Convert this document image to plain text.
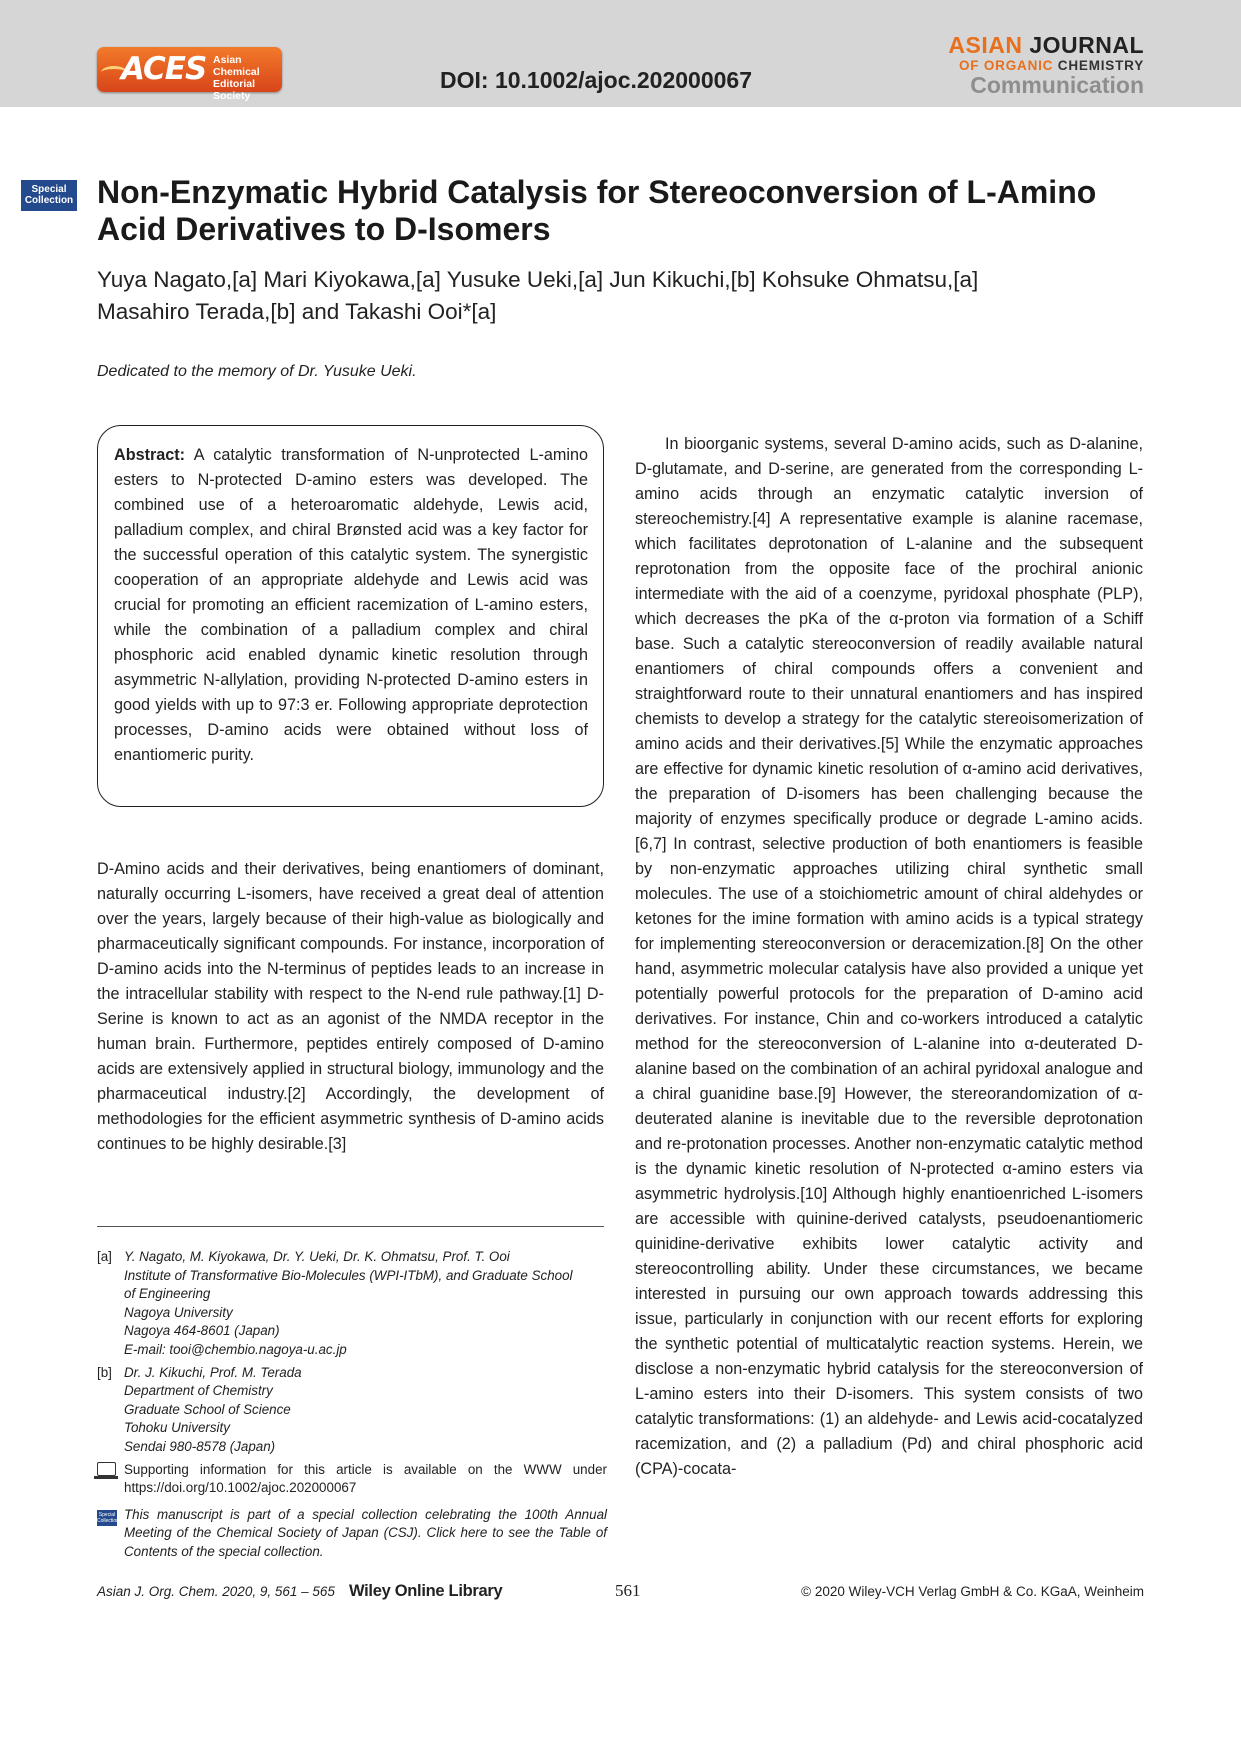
ACES Asian Chemical
Editorial Society
DOI: 10.1002/ajoc.202000067
ASIAN JOURNAL
OF ORGANIC CHEMISTRY
Communication
Special
Collection Non-Enzymatic Hybrid Catalysis for Stereoconversion of L-Amino
Acid Derivatives to D-Isomers
Yuya Nagato,[a] Mari Kiyokawa,[a] Yusuke Ueki,[a] Jun Kikuchi,[b] Kohsuke Ohmatsu,[a]
Masahiro Terada,[b] and Takashi Ooi*[a]
Dedicated to the memory of Dr. Yusuke Ueki.
Abstract: A catalytic transformation of N-unprotected L-amino esters to N-protected D-amino esters was developed. The combined use of a heteroaromatic aldehyde, Lewis acid, palladium complex, and chiral Brønsted acid was a key factor for the successful operation of this catalytic system. The synergistic cooperation of an appropriate aldehyde and Lewis acid was crucial for promoting an efficient racemization of L-amino esters, while the combination of a palladium complex and chiral phosphoric acid enabled dynamic kinetic resolution through asymmetric N-allylation, providing N-protected D-amino esters in good yields with up to 97:3 er. Following appropriate deprotection processes, D-amino acids were obtained without loss of enantiomeric purity.

D-Amino acids and their derivatives, being enantiomers of dominant, naturally occurring L-isomers, have received a great deal of attention over the years, largely because of their high-value as biologically and pharmaceutically significant compounds. For instance, incorporation of D-amino acids into the N-terminus of peptides leads to an increase in the intracellular stability with respect to the N-end rule pathway.[1] D-Serine is known to act as an agonist of the NMDA receptor in the human brain. Furthermore, peptides entirely composed of D-amino acids are extensively applied in structural biology, immunology and the pharmaceutical industry.[2] Accordingly, the development of methodologies for the efficient asymmetric synthesis of D-amino acids continues to be highly desirable.[3]

In bioorganic systems, several D-amino acids, such as D-alanine, D-glutamate, and D-serine, are generated from the corresponding L-amino acids through an enzymatic catalytic inversion of stereochemistry.[4] A representative example is alanine racemase, which facilitates deprotonation of L-alanine and the subsequent reprotonation from the opposite face of the prochiral anionic intermediate with the aid of a coenzyme, pyridoxal phosphate (PLP), which decreases the pKa of the α-proton via formation of a Schiff base. Such a catalytic stereoconversion of readily available natural enantiomers of chiral compounds offers a convenient and straightforward route to their unnatural enantiomers and has inspired chemists to develop a strategy for the catalytic stereoisomerization of amino acids and their derivatives.[5] While the enzymatic approaches are effective for dynamic kinetic resolution of α-amino acid derivatives, the preparation of D-isomers has been challenging because the majority of enzymes specifically produce or degrade L-amino acids.[6,7] In contrast, selective production of both enantiomers is feasible by non-enzymatic approaches utilizing chiral synthetic small molecules. The use of a stoichiometric amount of chiral aldehydes or ketones for the imine formation with amino acids is a typical strategy for implementing stereoconversion or deracemization.[8] On the other hand, asymmetric molecular catalysis have also provided a unique yet potentially powerful protocols for the preparation of D-amino acid derivatives. For instance, Chin and co-workers introduced a catalytic method for the stereoconversion of L-alanine into α-deuterated D-alanine based on the combination of an achiral pyridoxal analogue and a chiral guanidine base.[9] However, the stereorandomization of α-deuterated alanine is inevitable due to the reversible deprotonation and re-protonation processes. Another non-enzymatic catalytic method is the dynamic kinetic resolution of N-protected α-amino esters via asymmetric hydrolysis.[10] Although highly enantioenriched L-isomers are accessible with quinine-derived catalysts, pseudoenantiomeric quinidine-derivative exhibits lower catalytic activity and stereocontrolling ability. Under these circumstances, we became interested in pursuing our own approach towards addressing this issue, particularly in conjunction with our recent efforts for exploring the synthetic potential of multicatalytic reaction systems. Herein, we disclose a non-enzymatic hybrid catalysis for the stereoconversion of L-amino esters into their D-isomers. This system consists of two catalytic transformations: (1) an aldehyde- and Lewis acid-cocatalyzed racemization, and (2) a palladium (Pd) and chiral phosphoric acid (CPA)-cocata-

[a] Y. Nagato, M. Kiyokawa, Dr. Y. Ueki, Dr. K. Ohmatsu, Prof. T. Ooi
Institute of Transformative Bio-Molecules (WPI-ITbM), and Graduate School
of Engineering
Nagoya University
Nagoya 464-8601 (Japan)
E-mail: tooi@chembio.nagoya-u.ac.jp
[b] Dr. J. Kikuchi, Prof. M. Terada
Department of Chemistry
Graduate School of Science
Tohoku University
Sendai 980-8578 (Japan)
Supporting information for this article is available on the WWW under https://doi.org/10.1002/ajoc.202000067
Special
Collection This manuscript is part of a special collection celebrating the 100th Annual Meeting of the Chemical Society of Japan (CSJ). Click here to see the Table of Contents of the special collection.
Asian J. Org. Chem. 2020, 9, 561 – 565 Wiley Online Library	561	© 2020 Wiley-VCH Verlag GmbH & Co. KGaA, Weinheim
